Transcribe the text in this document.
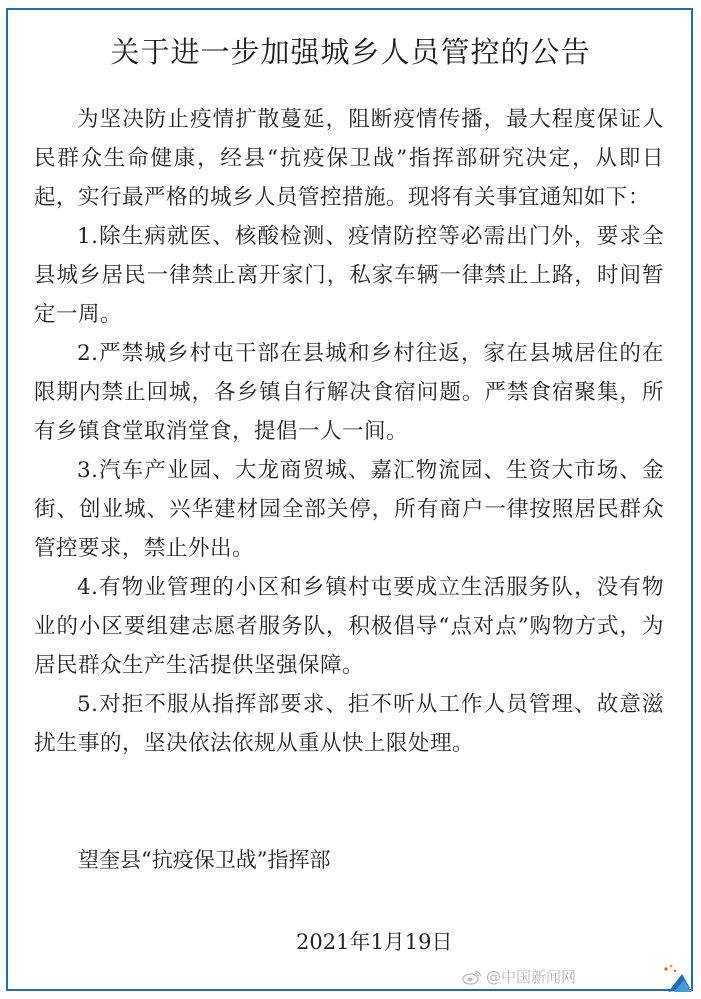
关于进一步加强城乡人员管控的公告

为坚决防止疫情扩散蔓延，阻断疫情传播，最大程度保证人民群众生命健康，经县“抗疫保卫战”指挥部研究决定，从即日起，实行最严格的城乡人员管控措施。现将有关事宜通知如下：

1.除生病就医、核酸检测、疫情防控等必需出门外，要求全县城乡居民一律禁止离开家门，私家车辆一律禁止上路，时间暂定一周。

2.严禁城乡村屯干部在县城和乡村往返，家在县城居住的在限期内禁止回城，各乡镇自行解决食宿问题。严禁食宿聚集，所有乡镇食堂取消堂食，提倡一人一间。

3.汽车产业园、大龙商贸城、嘉汇物流园、生资大市场、金街、创业城、兴华建材园全部关停，所有商户一律按照居民群众管控要求，禁止外出。

4.有物业管理的小区和乡镇村屯要成立生活服务队，没有物业的小区要组建志愿者服务队，积极倡导“点对点”购物方式，为居民群众生产生活提供坚强保障。

5.对拒不服从指挥部要求、拒不听从工作人员管理、故意滋扰生事的，坚决依法依规从重从快上限处理。

望奎县“抗疫保卫战”指挥部
2021年1月19日
@中国新闻网
